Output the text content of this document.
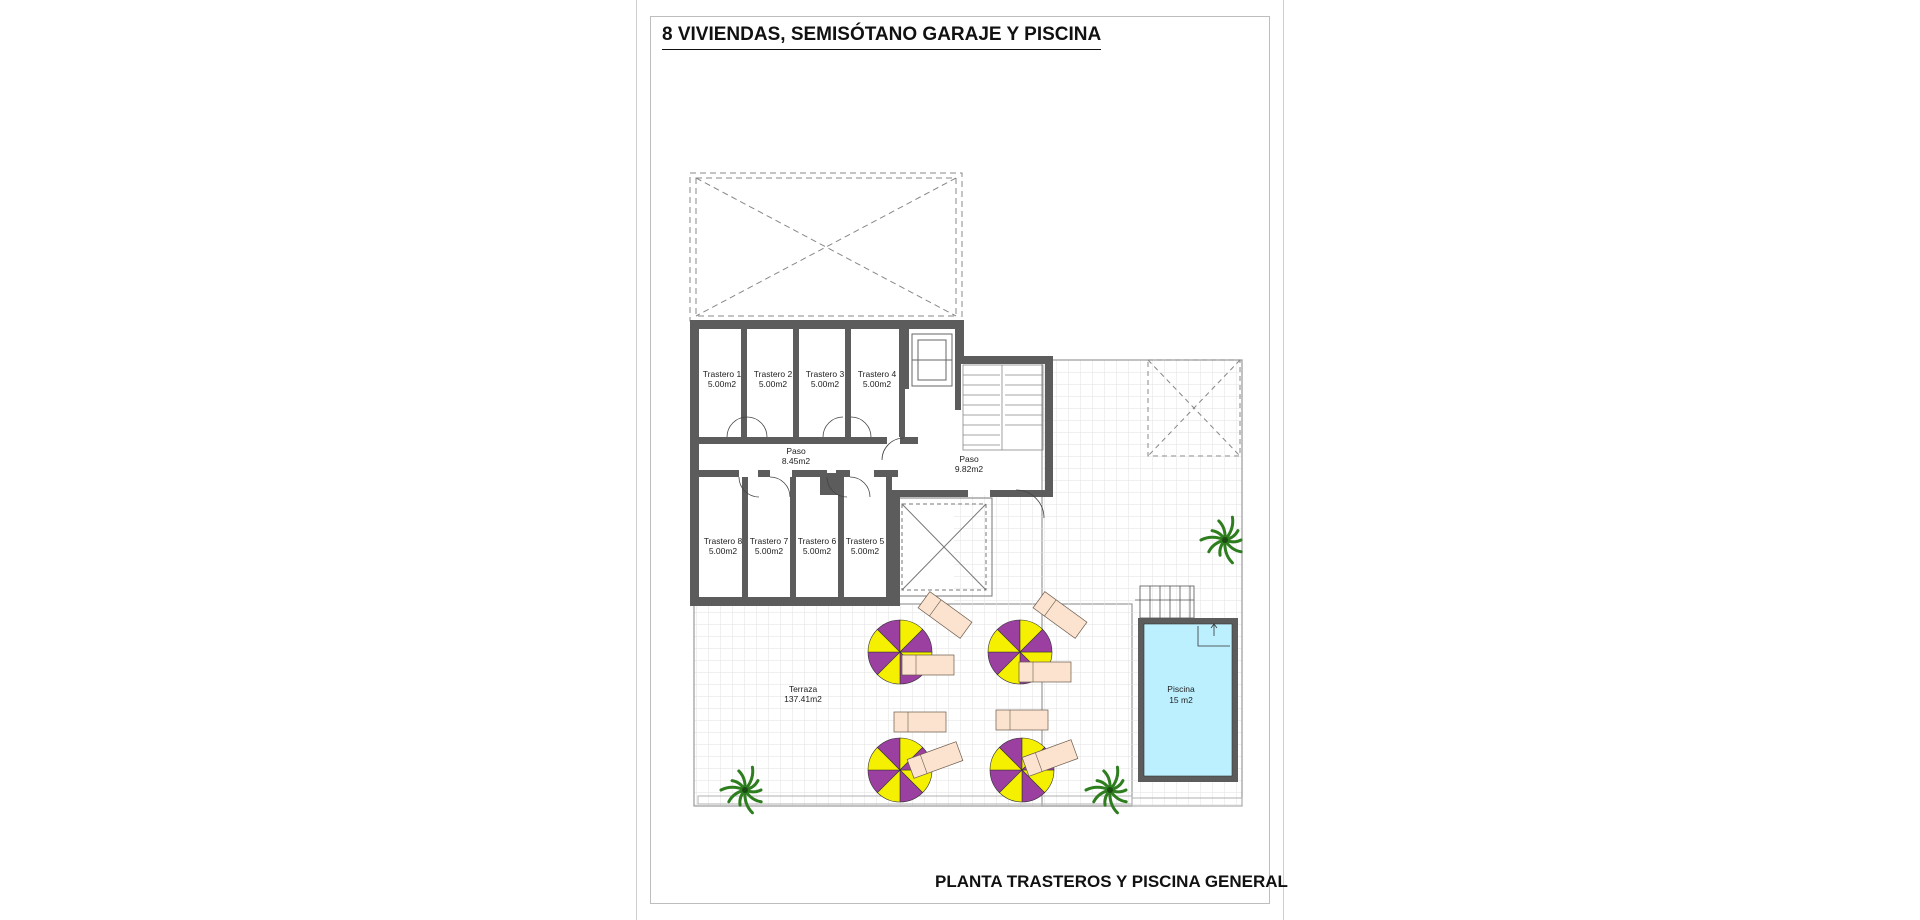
8 VIVIENDAS, SEMISÓTANO GARAJE Y PISCINA
Trastero 1
5.00m2
Trastero 2
5.00m2
Trastero 3
5.00m2
Trastero 4
5.00m2
Paso
8.45m2	Paso
9.82m2
Trastero 8
5.00m2
Trastero 7
5.00m2
Trastero 6
5.00m2
Trastero 5
5.00m2
Terraza
137.41m2
Piscina
15 m2
PLANTA TRASTEROS Y PISCINA GENERAL
